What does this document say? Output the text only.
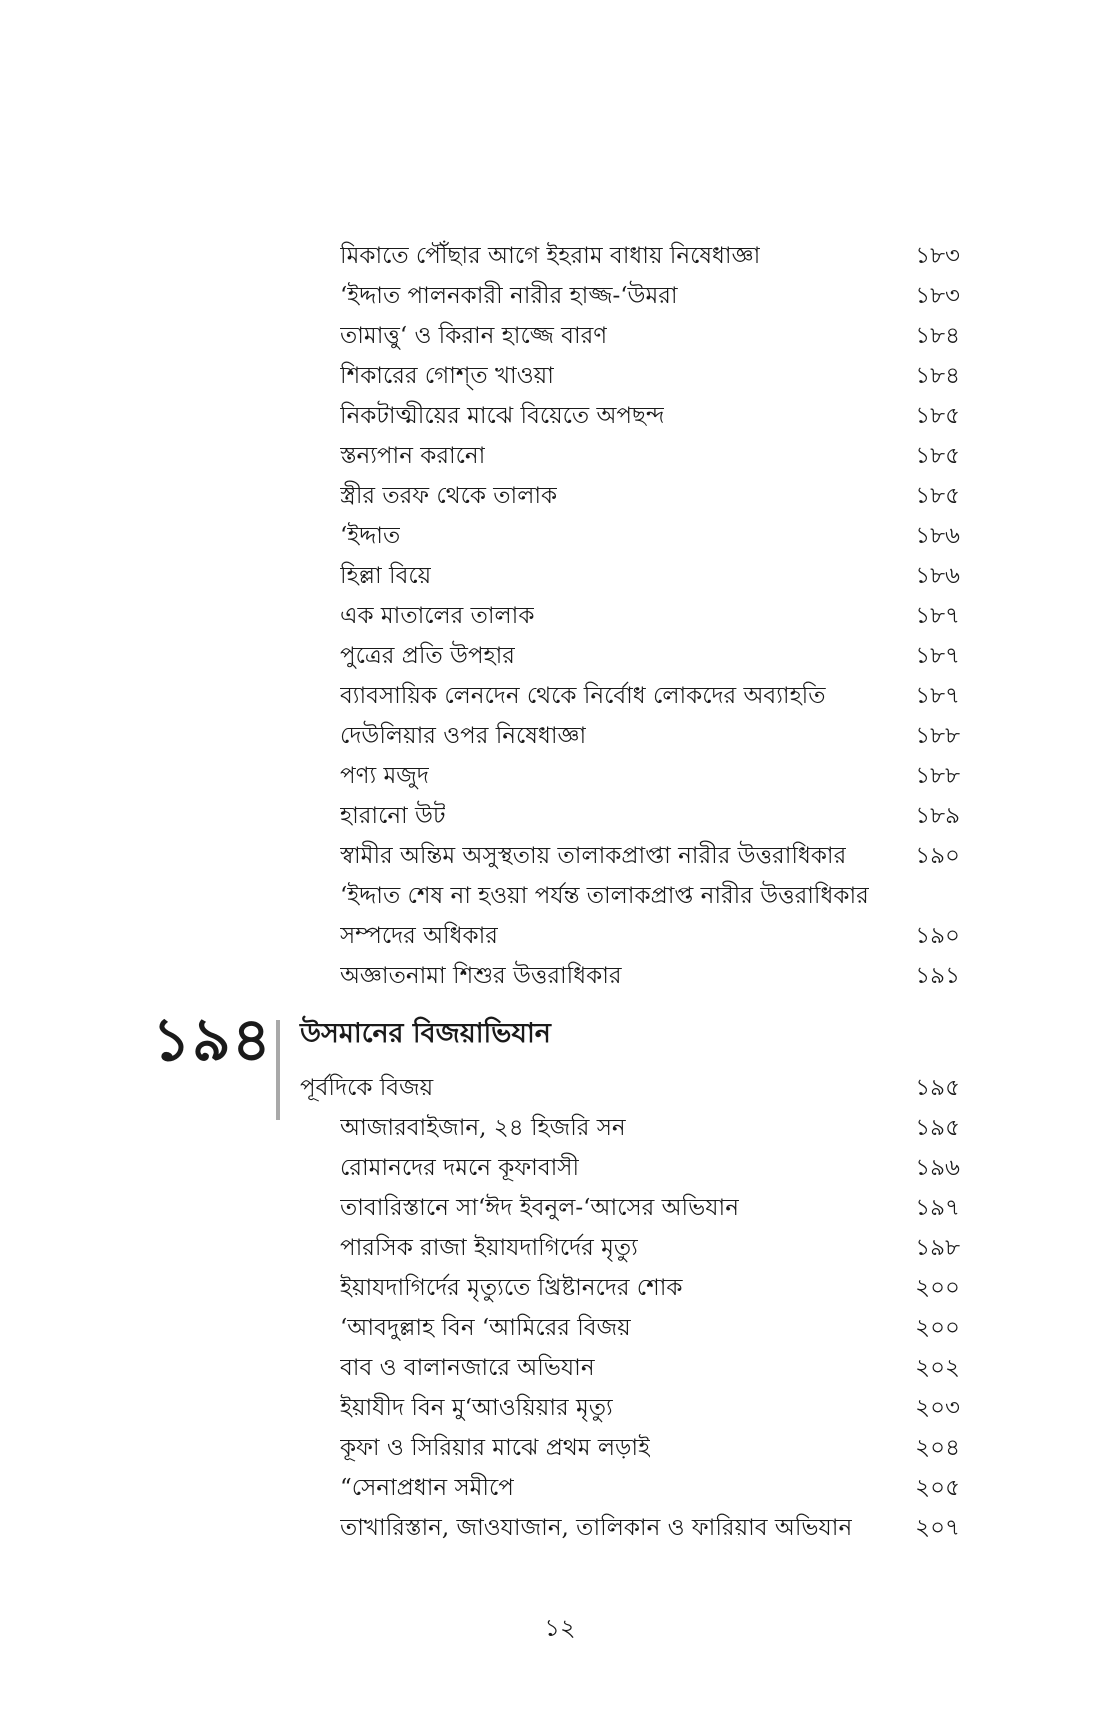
মিকাতে পৌঁছার আগে ইহরাম বাধায় নিষেধাজ্ঞা	১৮৩
‘ইদ্দাত পালনকারী নারীর হাজ্জ-‘উমরা	১৮৩
তামাত্তু‘ ও কিরান হাজ্জে বারণ	১৮৪
শিকারের গোশ্‌ত খাওয়া	১৮৪
নিকটাত্মীয়ের মাঝে বিয়েতে অপছন্দ	১৮৫
স্তন্যপান করানো	১৮৫
স্ত্রীর তরফ থেকে তালাক	১৮৫
‘ইদ্দাত	১৮৬
হিল্লা বিয়ে	১৮৬
এক মাতালের তালাক	১৮৭
পুত্রের প্রতি উপহার	১৮৭
ব্যাবসায়িক লেনদেন থেকে নির্বোধ লোকদের অব্যাহতি	১৮৭
দেউলিয়ার ওপর নিষেধাজ্ঞা	১৮৮
পণ্য মজুদ	১৮৮
হারানো উট	১৮৯
স্বামীর অন্তিম অসুস্থতায় তালাকপ্রাপ্তা নারীর উত্তরাধিকার	১৯০
‘ইদ্দাত শেষ না হওয়া পর্যন্ত তালাকপ্রাপ্ত নারীর উত্তরাধিকার
সম্পদের অধিকার	১৯০
অজ্ঞাতনামা শিশুর উত্তরাধিকার	১৯১
১৯৪ উসমানের বিজয়াভিযান
পূর্বদিকে বিজয়	১৯৫
আজারবাইজান, ২৪ হিজরি সন	১৯৫
রোমানদের দমনে কূফাবাসী	১৯৬
তাবারিস্তানে সা‘ঈদ ইবনুল-‘আসের অভিযান	১৯৭
পারসিক রাজা ইয়াযদাগির্দের মৃত্যু	১৯৮
ইয়াযদাগির্দের মৃত্যুতে খ্রিষ্টানদের শোক	২০০
‘আবদুল্লাহ বিন ‘আমিরের বিজয়	২০০
বাব ও বালানজারে অভিযান	২০২
ইয়াযীদ বিন মু‘আওয়িয়ার মৃত্যু	২০৩
কূফা ও সিরিয়ার মাঝে প্রথম লড়াই	২০৪
“সেনাপ্রধান সমীপে	২০৫
তাখারিস্তান, জাওযাজান, তালিকান ও ফারিয়াব অভিযান	২০৭
১২
